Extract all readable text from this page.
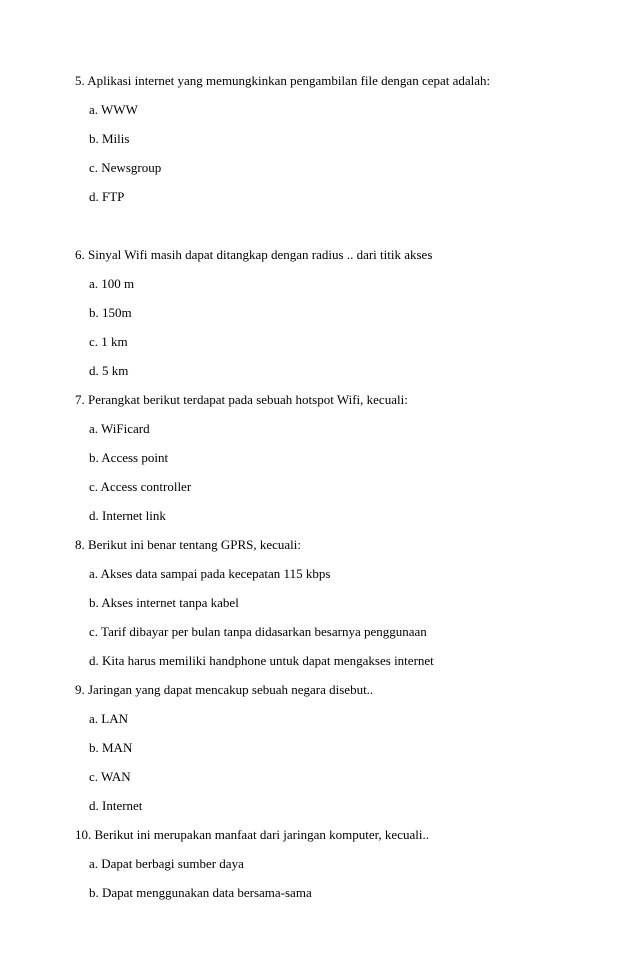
5. Aplikasi internet yang memungkinkan pengambilan file dengan cepat adalah:
a. WWW
b. Milis
c. Newsgroup
d. FTP
6. Sinyal Wifi masih dapat ditangkap dengan radius .. dari titik akses
a. 100 m
b. 150m
c. 1 km
d. 5 km
7. Perangkat berikut terdapat pada sebuah hotspot Wifi, kecuali:
a. WiFicard
b. Access point
c. Access controller
d. Internet link
8. Berikut ini benar tentang GPRS, kecuali:
a. Akses data sampai pada kecepatan 115 kbps
b. Akses internet tanpa kabel
c. Tarif dibayar per bulan tanpa didasarkan besarnya penggunaan
d. Kita harus memiliki handphone untuk dapat mengakses internet
9. Jaringan yang dapat mencakup sebuah negara disebut..
a. LAN
b. MAN
c. WAN
d. Internet
10. Berikut ini merupakan manfaat dari jaringan komputer, kecuali..
a. Dapat berbagi sumber daya
b. Dapat menggunakan data bersama-sama
